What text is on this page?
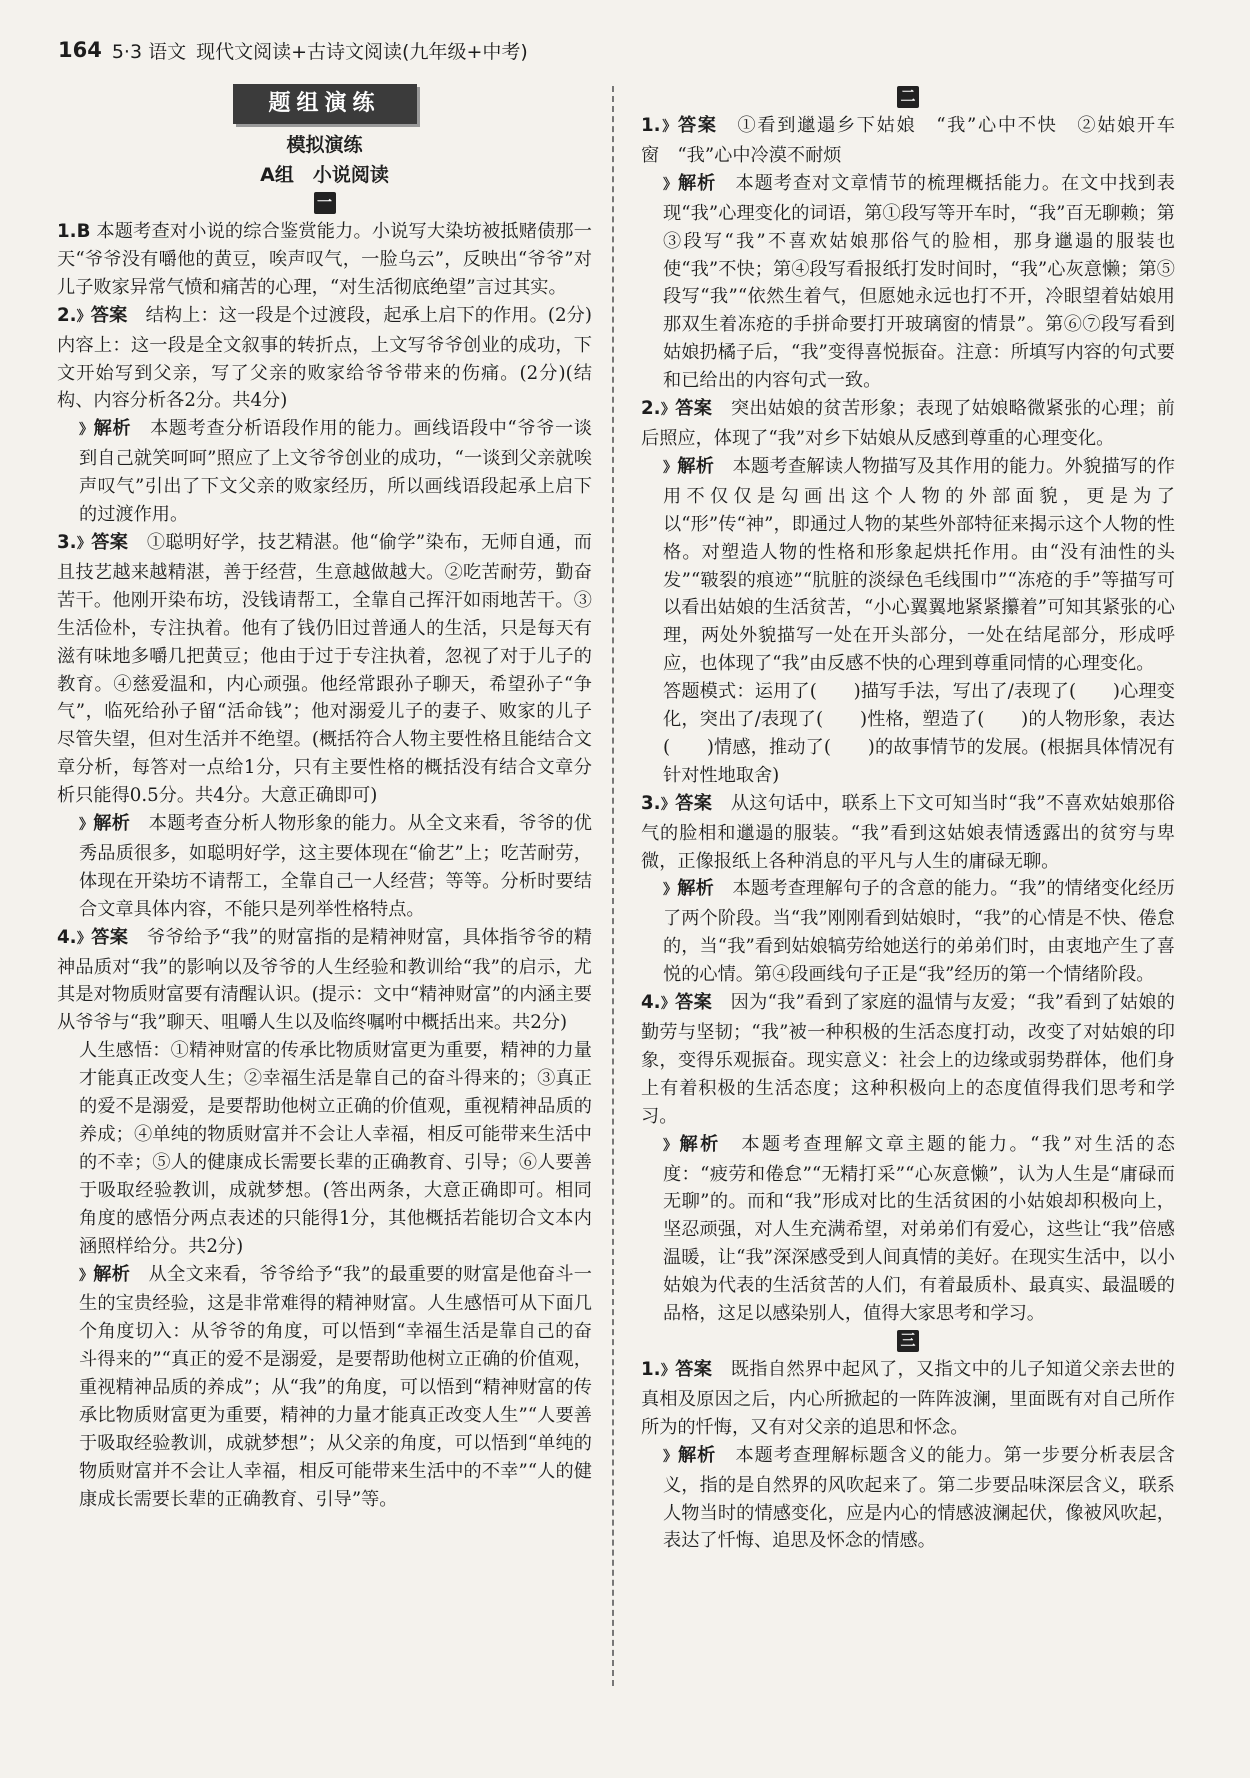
164 5·3 语文 现代文阅读+古诗文阅读(九年级+中考)
题组演练
模拟演练
A组　小说阅读
一

1.B 本题考查对小说的综合鉴赏能力。小说写大染坊被抵赌债那一天“爷爷没有嚼他的黄豆，唉声叹气，一脸乌云”，反映出“爷爷”对儿子败家异常气愤和痛苦的心理，“对生活彻底绝望”言过其实。

2.》答案　 结构上：这一段是个过渡段，起承上启下的作用。(2分)内容上：这一段是全文叙事的转折点，上文写爷爷创业的成功，下文开始写到父亲，写了父亲的败家给爷爷带来的伤痛。(2分)(结构、内容分析各2分。共4分)

》解析　 本题考查分析语段作用的能力。画线语段中“爷爷一谈到自己就笑呵呵”照应了上文爷爷创业的成功，“一谈到父亲就唉声叹气”引出了下文父亲的败家经历，所以画线语段起承上启下的过渡作用。

3.》答案　 ①聪明好学，技艺精湛。他“偷学”染布，无师自通，而且技艺越来越精湛，善于经营，生意越做越大。②吃苦耐劳，勤奋苦干。他刚开染布坊，没钱请帮工，全靠自己挥汗如雨地苦干。③生活俭朴，专注执着。他有了钱仍旧过普通人的生活，只是每天有滋有味地多嚼几把黄豆；他由于过于专注执着，忽视了对于儿子的教育。④慈爱温和，内心顽强。他经常跟孙子聊天，希望孙子“争气”，临死给孙子留“活命钱”；他对溺爱儿子的妻子、败家的儿子尽管失望，但对生活并不绝望。(概括符合人物主要性格且能结合文章分析，每答对一点给1分，只有主要性格的概括没有结合文章分析只能得0.5分。共4分。大意正确即可)

》解析　 本题考查分析人物形象的能力。从全文来看，爷爷的优秀品质很多，如聪明好学，这主要体现在“偷艺”上；吃苦耐劳，体现在开染坊不请帮工，全靠自己一人经营；等等。分析时要结合文章具体内容，不能只是列举性格特点。

4.》答案　 爷爷给予“我”的财富指的是精神财富，具体指爷爷的精神品质对“我”的影响以及爷爷的人生经验和教训给“我”的启示，尤其是对物质财富要有清醒认识。(提示：文中“精神财富”的内涵主要从爷爷与“我”聊天、咀嚼人生以及临终嘱咐中概括出来。共2分)

人生感悟：①精神财富的传承比物质财富更为重要，精神的力量才能真正改变人生；②幸福生活是靠自己的奋斗得来的；③真正的爱不是溺爱，是要帮助他树立正确的价值观，重视精神品质的养成；④单纯的物质财富并不会让人幸福，相反可能带来生活中的不幸；⑤人的健康成长需要长辈的正确教育、引导；⑥人要善于吸取经验教训，成就梦想。(答出两条，大意正确即可。相同角度的感悟分两点表述的只能得1分，其他概括若能切合文本内涵照样给分。共2分)

》解析　 从全文来看，爷爷给予“我”的最重要的财富是他奋斗一生的宝贵经验，这是非常难得的精神财富。人生感悟可从下面几个角度切入：从爷爷的角度，可以悟到“幸福生活是靠自己的奋斗得来的”“真正的爱不是溺爱，是要帮助他树立正确的价值观，重视精神品质的养成”；从“我”的角度，可以悟到“精神财富的传承比物质财富更为重要，精神的力量才能真正改变人生”“人要善于吸取经验教训，成就梦想”；从父亲的角度，可以悟到“单纯的物质财富并不会让人幸福，相反可能带来生活中的不幸”“人的健康成长需要长辈的正确教育、引导”等。

二

1.》答案　 ①看到邋遢乡下姑娘　“我”心中不快　②姑娘开车窗　“我”心中冷漠不耐烦

》解析　 本题考查对文章情节的梳理概括能力。在文中找到表现“我”心理变化的词语，第①段写等开车时，“我”百无聊赖；第③段写“我”不喜欢姑娘那俗气的脸相，那身邋遢的服装也使“我”不快；第④段写看报纸打发时间时，“我”心灰意懒；第⑤段写“我”“依然生着气，但愿她永远也打不开，冷眼望着姑娘用那双生着冻疮的手拼命要打开玻璃窗的情景”。第⑥⑦段写看到姑娘扔橘子后，“我”变得喜悦振奋。注意：所填写内容的句式要和已给出的内容句式一致。

2.》答案　 突出姑娘的贫苦形象；表现了姑娘略微紧张的心理；前后照应，体现了“我”对乡下姑娘从反感到尊重的心理变化。

》解析　 本题考查解读人物描写及其作用的能力。外貌描写的作用不仅仅是勾画出这个人物的外部面貌，更是为了以“形”传“神”，即通过人物的某些外部特征来揭示这个人物的性格。对塑造人物的性格和形象起烘托作用。由“没有油性的头发”“皲裂的痕迹”“肮脏的淡绿色毛线围巾”“冻疮的手”等描写可以看出姑娘的生活贫苦，“小心翼翼地紧紧攥着”可知其紧张的心理，两处外貌描写一处在开头部分，一处在结尾部分，形成呼应，也体现了“我”由反感不快的心理到尊重同情的心理变化。

答题模式：运用了(　　)描写手法，写出了/表现了(　　)心理变化，突出了/表现了(　　)性格，塑造了(　　)的人物形象，表达(　　)情感，推动了(　　)的故事情节的发展。(根据具体情况有针对性地取舍)

3.》答案　 从这句话中，联系上下文可知当时“我”不喜欢姑娘那俗气的脸相和邋遢的服装。“我”看到这姑娘表情透露出的贫穷与卑微，正像报纸上各种消息的平凡与人生的庸碌无聊。

》解析　 本题考查理解句子的含意的能力。“我”的情绪变化经历了两个阶段。当“我”刚刚看到姑娘时，“我”的心情是不快、倦怠的，当“我”看到姑娘犒劳给她送行的弟弟们时，由衷地产生了喜悦的心情。第④段画线句子正是“我”经历的第一个情绪阶段。

4.》答案　 因为“我”看到了家庭的温情与友爱；“我”看到了姑娘的勤劳与坚韧；“我”被一种积极的生活态度打动，改变了对姑娘的印象，变得乐观振奋。现实意义：社会上的边缘或弱势群体，他们身上有着积极的生活态度；这种积极向上的态度值得我们思考和学习。

》解析　 本题考查理解文章主题的能力。“我”对生活的态度：“疲劳和倦怠”“无精打采”“心灰意懒”，认为人生是“庸碌而无聊”的。而和“我”形成对比的生活贫困的小姑娘却积极向上，坚忍顽强，对人生充满希望，对弟弟们有爱心，这些让“我”倍感温暖，让“我”深深感受到人间真情的美好。在现实生活中，以小姑娘为代表的生活贫苦的人们，有着最质朴、最真实、最温暖的品格，这足以感染别人，值得大家思考和学习。

三

1.》答案　 既指自然界中起风了，又指文中的儿子知道父亲去世的真相及原因之后，内心所掀起的一阵阵波澜，里面既有对自己所作所为的忏悔，又有对父亲的追思和怀念。

》解析　 本题考查理解标题含义的能力。第一步要分析表层含义，指的是自然界的风吹起来了。第二步要品味深层含义，联系人物当时的情感变化，应是内心的情感波澜起伏，像被风吹起，表达了忏悔、追思及怀念的情感。
